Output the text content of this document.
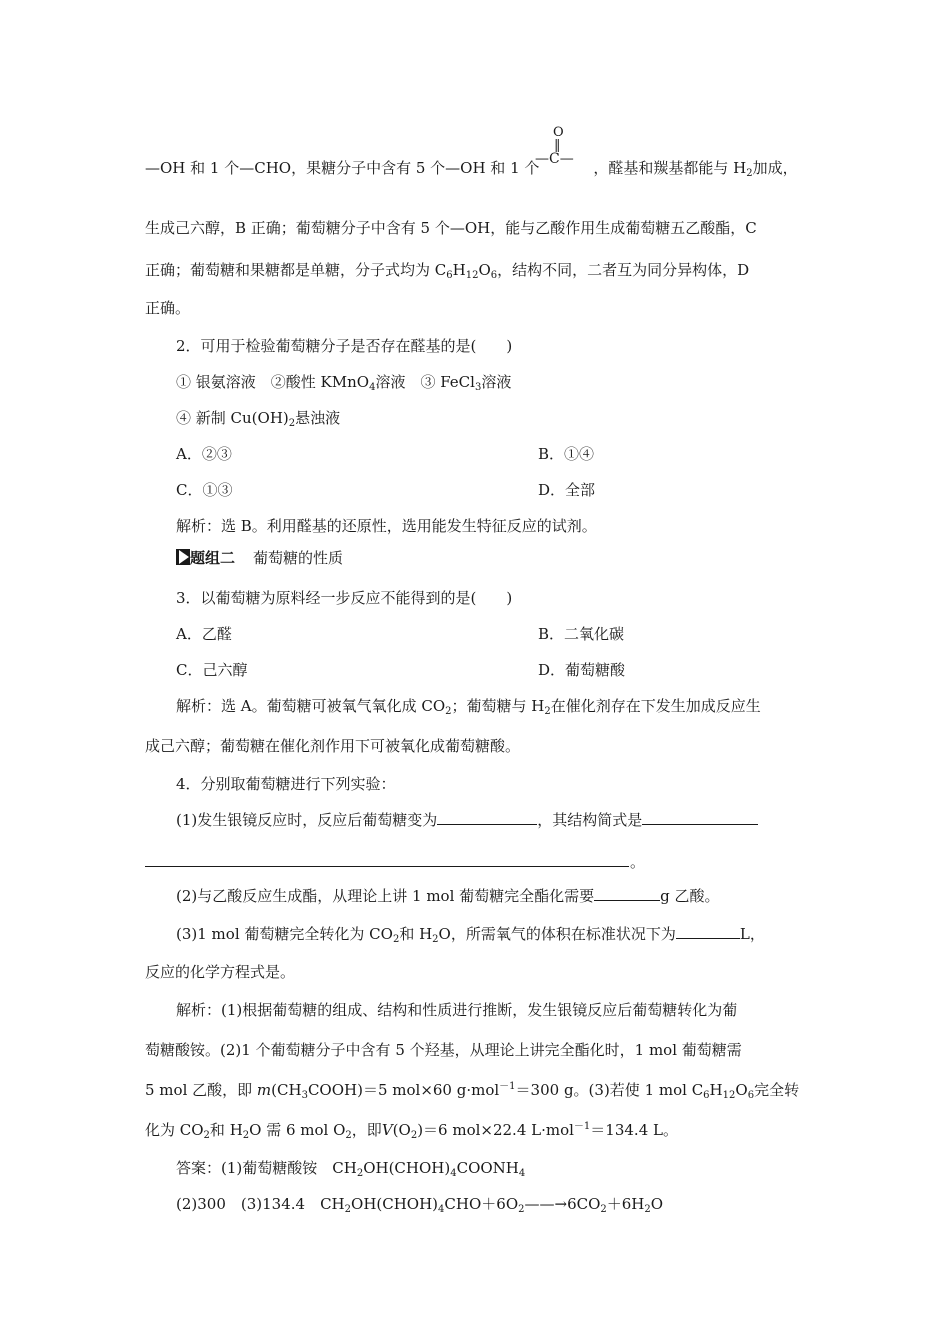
—OH 和 1 个—CHO，果糖分子中含有 5 个—OH 和 1 个	，醛基和羰基都能与 $H_2$加成，
O
‖
—C—
生成己六醇，B 正确；葡萄糖分子中含有 5 个—OH，能与乙酸作用生成葡萄糖五乙酸酯，C
正确；葡萄糖和果糖都是单糖，分子式均为 $C_6H_{12}O_6$，结构不同，二者互为同分异构体，D
正确。
2．可用于检验葡萄糖分子是否存在醛基的是(　　)
① 银氨溶液　②酸性 KMnO$_4$溶液　③ FeCl$_3$溶液
④ 新制 $Cu(OH)_2$悬浊液
A．②③	B．①④
C．①③	D．全部
解析：选 B。利用醛基的还原性，选用能发生特征反应的试剂。
题组二 葡萄糖的性质
3．以葡萄糖为原料经一步反应不能得到的是(　　)
A．乙醛	B．二氧化碳
C．己六醇	D．葡萄糖酸
解析：选 A。葡萄糖可被氧气氧化成 $CO_2$；葡萄糖与 $H_2$在催化剂存在下发生加成反应生
成己六醇；葡萄糖在催化剂作用下可被氧化成葡萄糖酸。
4．分别取葡萄糖进行下列实验：
(1)发生银镜反应时，反应后葡萄糖变为	，其结构简式是
。
(2)与乙酸反应生成酯，从理论上讲 1 mol 葡萄糖完全酯化需要	g 乙酸。
(3)1 mol 葡萄糖完全转化为 $CO_2$和 $H_2O$，所需氧气的体积在标准状况下为	L，
反应的化学方程式是。
解析：(1)根据葡萄糖的组成、结构和性质进行推断，发生银镜反应后葡萄糖转化为葡
萄糖酸铵。(2)1 个葡萄糖分子中含有 5 个羟基，从理论上讲完全酯化时，1 mol 葡萄糖需
5 mol 乙酸，即 $m(CH_3COOH)=5$ mol×60 g·mol$^{-1}$＝300 g。(3)若使 1 mol $C_6H_{12}O_6$完全转
化为 $CO_2$和 $H_2O$ 需 6 mol $O_2$，即$V(O_2)=6$ mol×22.4 L·mol$^{-1}$＝134.4 L。
答案：(1)葡萄糖酸铵　$CH_2OH(CHOH)_4COONH_4$
(2)300　(3)134.4　$CH_2OH(CHOH)_4CHO+6O_2——\to 6CO_2+6H_2O$
